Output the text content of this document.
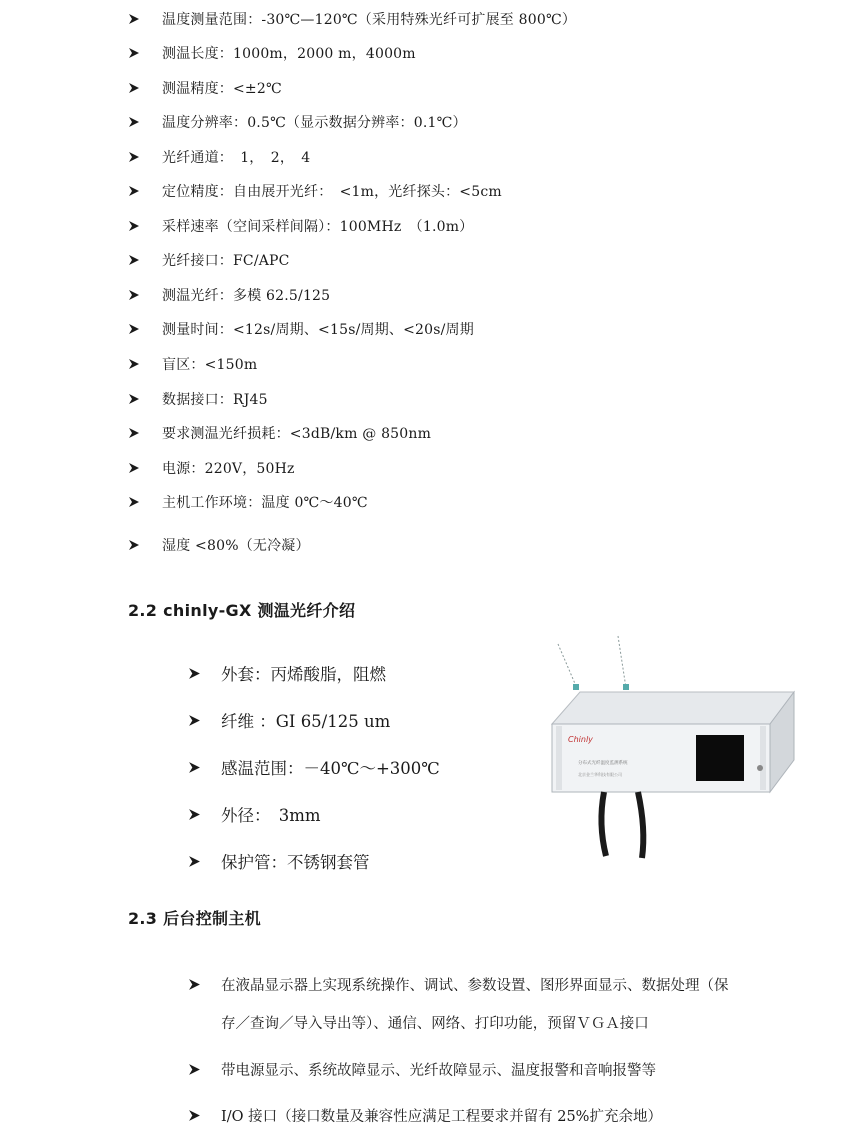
温度测量范围：-30℃—120℃（采用特殊光纤可扩展至 800℃）
测温长度：1000m，2000 m，4000m
测温精度：<±2℃
温度分辨率：0.5℃（显示数据分辨率：0.1℃）
光纤通道：　1，　2，　4
定位精度：自由展开光纤：　<1m，光纤探头：<5cm
采样速率（空间采样间隔）：100MHz　（1.0m）
光纤接口：FC/APC
测温光纤：多模 62.5/125
测量时间：<12s/周期、<15s/周期、<20s/周期
盲区：<150m
数据接口：RJ45
要求测温光纤损耗：<3dB/km @ 850nm
电源：220V，50Hz
主机工作环境：温度 0℃～40℃
湿度 <80%（无冷凝）
2.2 chinly-GX 测温光纤介绍
外套：丙烯酸脂，阻燃
纤维 ：GI 65/125 um
感温范围：－40℃～+300℃
外径：　3mm
保护管：不锈钢套管
Chinly
分布式光纤温度监测系统
北京金兰华科技有限公司
2.3 后台控制主机
在液晶显示器上实现系统操作、调试、参数设置、图形界面显示、数据处理（保
存／查询／导入导出等）、通信、网络、打印功能，预留ＶＧＡ接口
带电源显示、系统故障显示、光纤故障显示、温度报警和音响报警等
I/O 接口（接口数量及兼容性应满足工程要求并留有 25%扩充余地）
